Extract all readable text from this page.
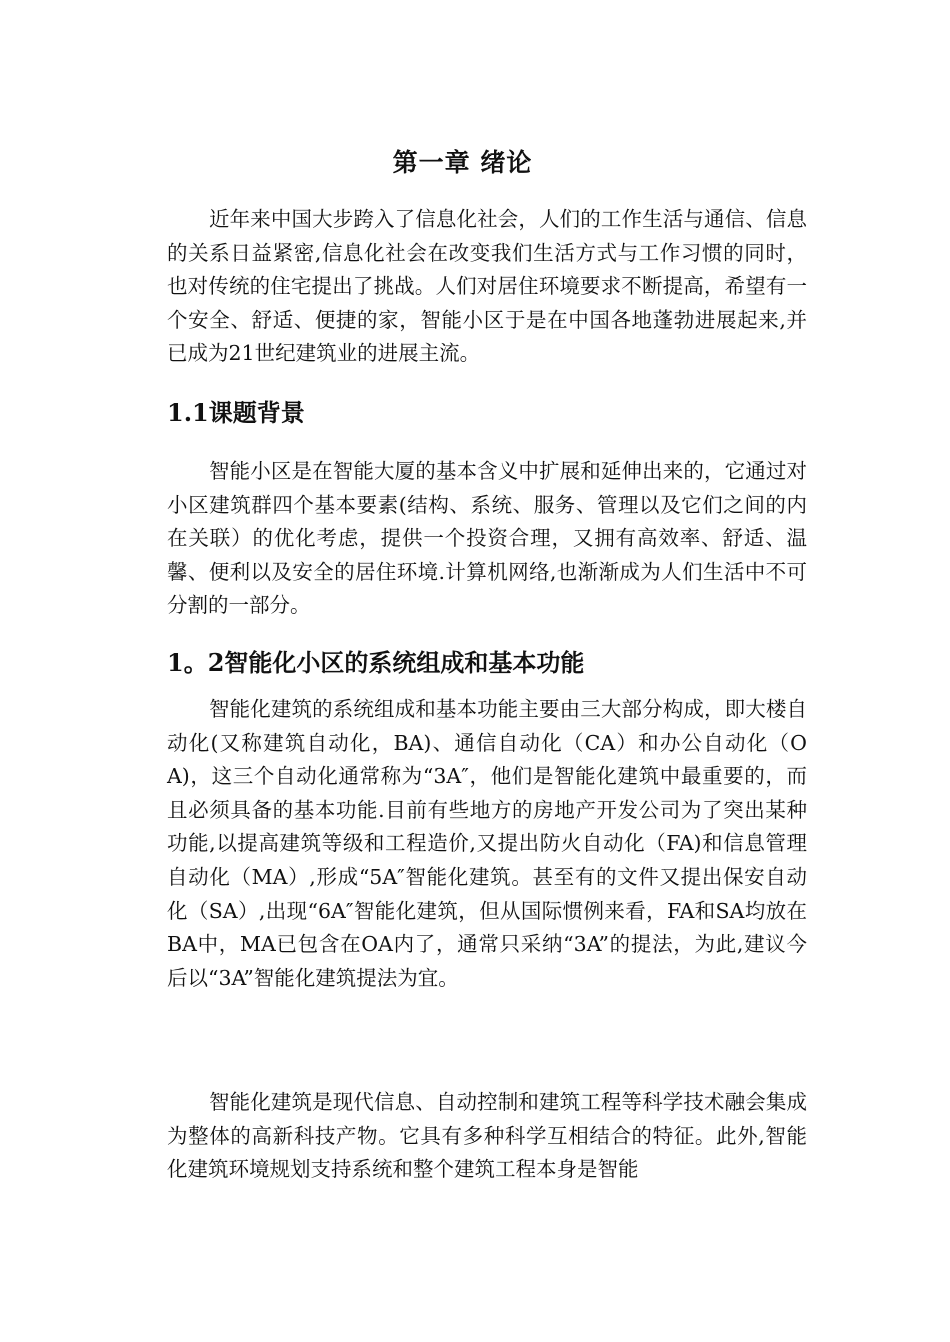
第一章 绪论
近年来中国大步跨入了信息化社会，人们的工作生活与通信、信息的关系日益紧密,信息化社会在改变我们生活方式与工作习惯的同时，也对传统的住宅提出了挑战。人们对居住环境要求不断提高，希望有一个安全、舒适、便捷的家，智能小区于是在中国各地蓬勃进展起来,并已成为21世纪建筑业的进展主流。
1.1课题背景
智能小区是在智能大厦的基本含义中扩展和延伸出来的，它通过对小区建筑群四个基本要素(结构、系统、服务、管理以及它们之间的内在关联）的优化考虑，提供一个投资合理，又拥有高效率、舒适、温馨、便利以及安全的居住环境.计算机网络,也渐渐成为人们生活中不可分割的一部分。
1。2智能化小区的系统组成和基本功能
智能化建筑的系统组成和基本功能主要由三大部分构成，即大楼自动化(又称建筑自动化，BA)、通信自动化（CA）和办公自动化（OA)，这三个自动化通常称为“3A″，他们是智能化建筑中最重要的，而且必须具备的基本功能.目前有些地方的房地产开发公司为了突出某种功能,以提高建筑等级和工程造价,又提出防火自动化（FA)和信息管理自动化（MA）,形成“5A″智能化建筑。甚至有的文件又提出保安自动化（SA）,出现“6A″智能化建筑，但从国际惯例来看，FA和SA均放在BA中，MA已包含在OA内了，通常只采纳“3A”的提法，为此,建议今后以“3A”智能化建筑提法为宜。
智能化建筑是现代信息、自动控制和建筑工程等科学技术融会集成为整体的高新科技产物。它具有多种科学互相结合的特征。此外,智能化建筑环境规划支持系统和整个建筑工程本身是智能
